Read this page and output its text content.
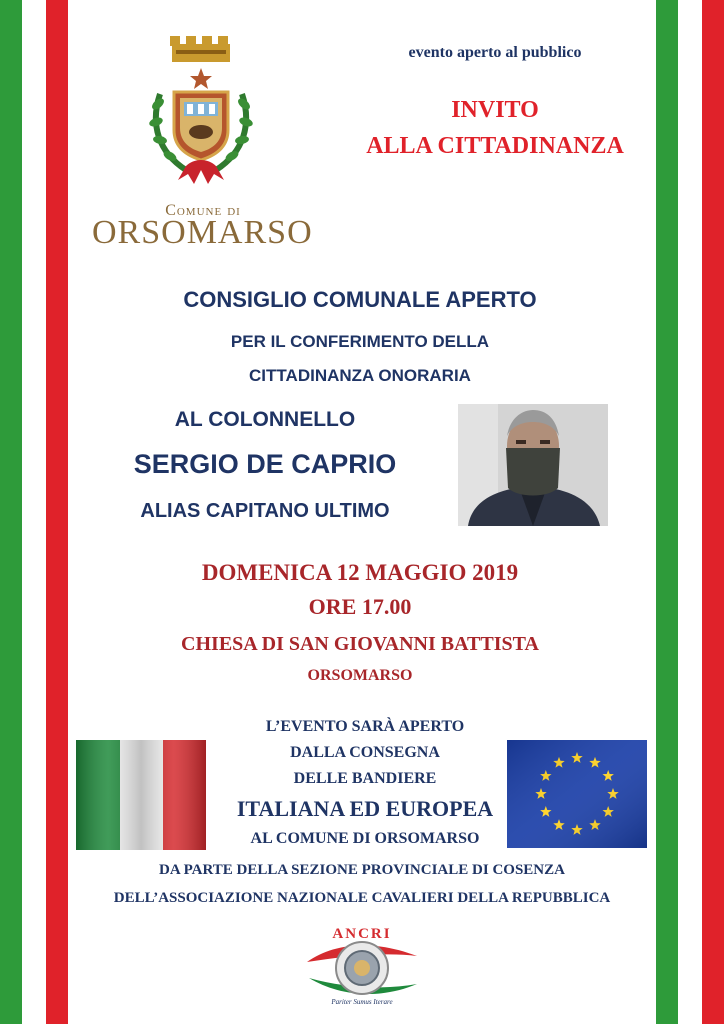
Comune di
ORSOMARSO
evento aperto al pubblico
INVITO
ALLA CITTADINANZA
CONSIGLIO COMUNALE APERTO
PER IL CONFERIMENTO DELLA
CITTADINANZA ONORARIA
AL COLONNELLO
SERGIO DE CAPRIO
ALIAS CAPITANO ULTIMO
DOMENICA 12 MAGGIO 2019
ORE 17.00
CHIESA DI SAN GIOVANNI BATTISTA
ORSOMARSO
L’EVENTO SARÀ APERTO
DALLA CONSEGNA
DELLE BANDIERE
ITALIANA ED EUROPEA
AL COMUNE DI ORSOMARSO
DA PARTE DELLA SEZIONE PROVINCIALE DI COSENZA
DELL’ASSOCIAZIONE NAZIONALE CAVALIERI DELLA REPUBBLICA
ANCRI
Pariter Sumus Iterare
